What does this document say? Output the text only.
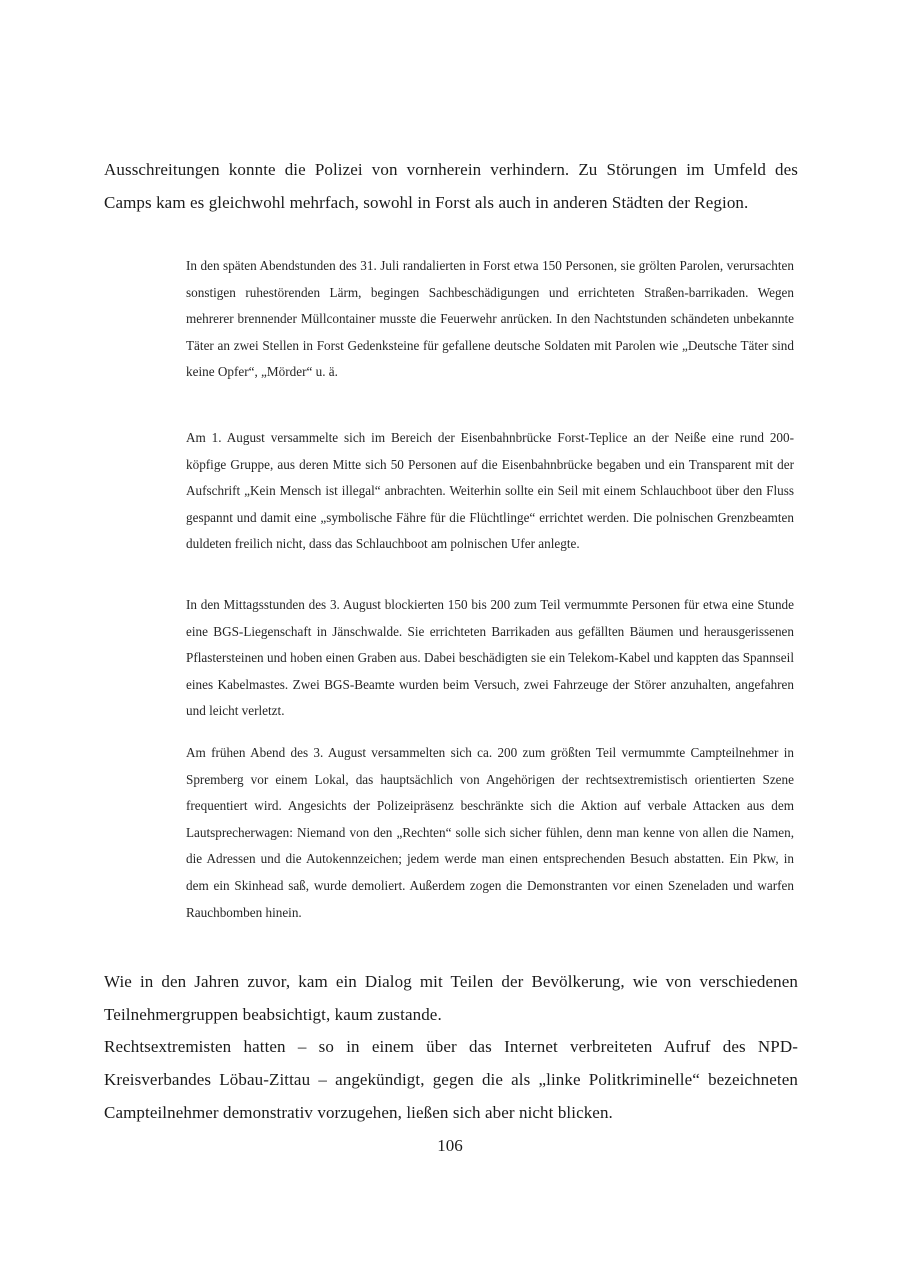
Ausschreitungen konnte die Polizei von vornherein verhindern. Zu Störungen im Umfeld des Camps kam es gleichwohl mehrfach, sowohl in Forst als auch in anderen Städten der Region.

In den späten Abendstunden des 31. Juli randalierten in Forst etwa 150 Personen, sie grölten Parolen, verursachten sonstigen ruhestörenden Lärm, begingen Sachbeschädigungen und errichteten Straßen-barrikaden. Wegen mehrerer brennender Müllcontainer musste die Feuerwehr anrücken. In den Nachtstunden schändeten unbekannte Täter an zwei Stellen in Forst Gedenksteine für gefallene deutsche Soldaten mit Parolen wie „Deutsche Täter sind keine Opfer“, „Mörder“ u. ä.

Am 1. August versammelte sich im Bereich der Eisenbahnbrücke Forst-Teplice an der Neiße eine rund 200-köpfige Gruppe, aus deren Mitte sich 50 Personen auf die Eisenbahnbrücke begaben und ein Transparent mit der Aufschrift „Kein Mensch ist illegal“ anbrachten. Weiterhin sollte ein Seil mit einem Schlauchboot über den Fluss gespannt und damit eine „symbolische Fähre für die Flüchtlinge“ errichtet werden. Die polnischen Grenzbeamten duldeten freilich nicht, dass das Schlauchboot am polnischen Ufer anlegte.

In den Mittagsstunden des 3. August blockierten 150 bis 200 zum Teil vermummte Personen für etwa eine Stunde eine BGS-Liegenschaft in Jänschwalde. Sie errichteten Barrikaden aus gefällten Bäumen und herausgerissenen Pflastersteinen und hoben einen Graben aus. Dabei beschädigten sie ein Telekom-Kabel und kappten das Spannseil eines Kabelmastes. Zwei BGS-Beamte wurden beim Versuch, zwei Fahrzeuge der Störer anzuhalten, angefahren und leicht verletzt.

Am frühen Abend des 3. August versammelten sich ca. 200 zum größten Teil vermummte Campteilnehmer in Spremberg vor einem Lokal, das hauptsächlich von Angehörigen der rechtsextremistisch orientierten Szene frequentiert wird. Angesichts der Polizeipräsenz beschränkte sich die Aktion auf verbale Attacken aus dem Lautsprecherwagen: Niemand von den „Rechten“ solle sich sicher fühlen, denn man kenne von allen die Namen, die Adressen und die Autokennzeichen; jedem werde man einen entsprechenden Besuch abstatten. Ein Pkw, in dem ein Skinhead saß, wurde demoliert. Außerdem zogen die Demonstranten vor einen Szeneladen und warfen Rauchbomben hinein.

Wie in den Jahren zuvor, kam ein Dialog mit Teilen der Bevölkerung, wie von verschiedenen Teilnehmergruppen beabsichtigt, kaum zustande.

Rechtsextremisten hatten – so in einem über das Internet verbreiteten Aufruf des NPD-Kreisverbandes Löbau-Zittau – angekündigt, gegen die als „linke Politkriminelle“ bezeichneten Campteilnehmer demonstrativ vorzugehen, ließen sich aber nicht blicken.

106
